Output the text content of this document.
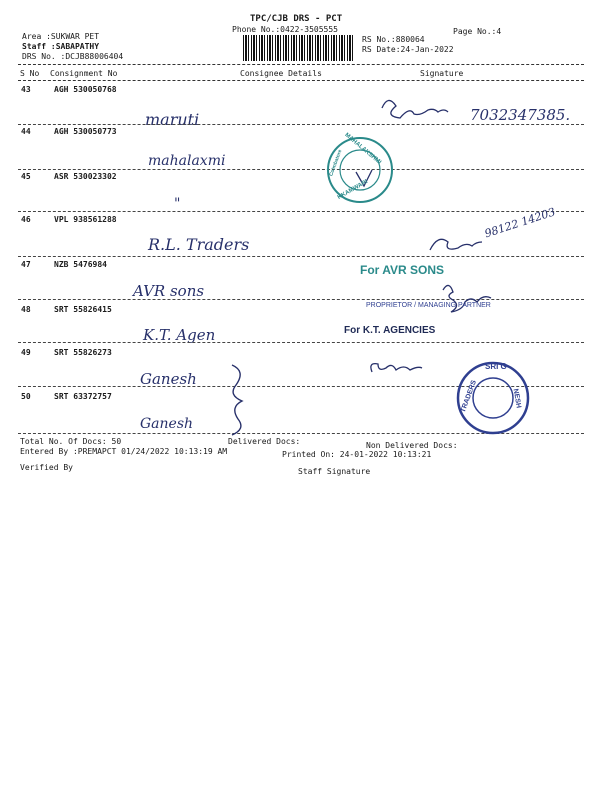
TPC/CJB DRS - PCT
Phone No.:0422-3505555	Page No.:4
Area :SUKWAR PET
Staff :SABAPATHY
DRS No. :DCJB88006404
RS No.:880064
RS Date:24-Jan-2022
S No Consignment No	Consignee Details	Signature
43	AGH 530050768
maruti	7032347385.
44	AGH 530050773
mahalaxmi
45	ASR 530023302
"
46	VPL 938561288
R.L. Traders
98122 14203
47	NZB 5476984
AVR sons
48	SRT 55826415
K.T. Agen
49	SRT 55826273
Ganesh
50	SRT 63372757
Ganesh
MAHALAKSHMI
KKAMWARI
Coimbatore
For AVR SONS
PROPRIETOR / MANAGING PARTNER
For K.T. AGENCIES
SRI G
NESH
TRADERS
Total No. Of Docs: 50	Delivered Docs:	Non Delivered Docs:
Entered By :PREMAPCT 01/24/2022 10:13:19 AM	Printed On: 24-01-2022 10:13:21
Verified By	Staff Signature
